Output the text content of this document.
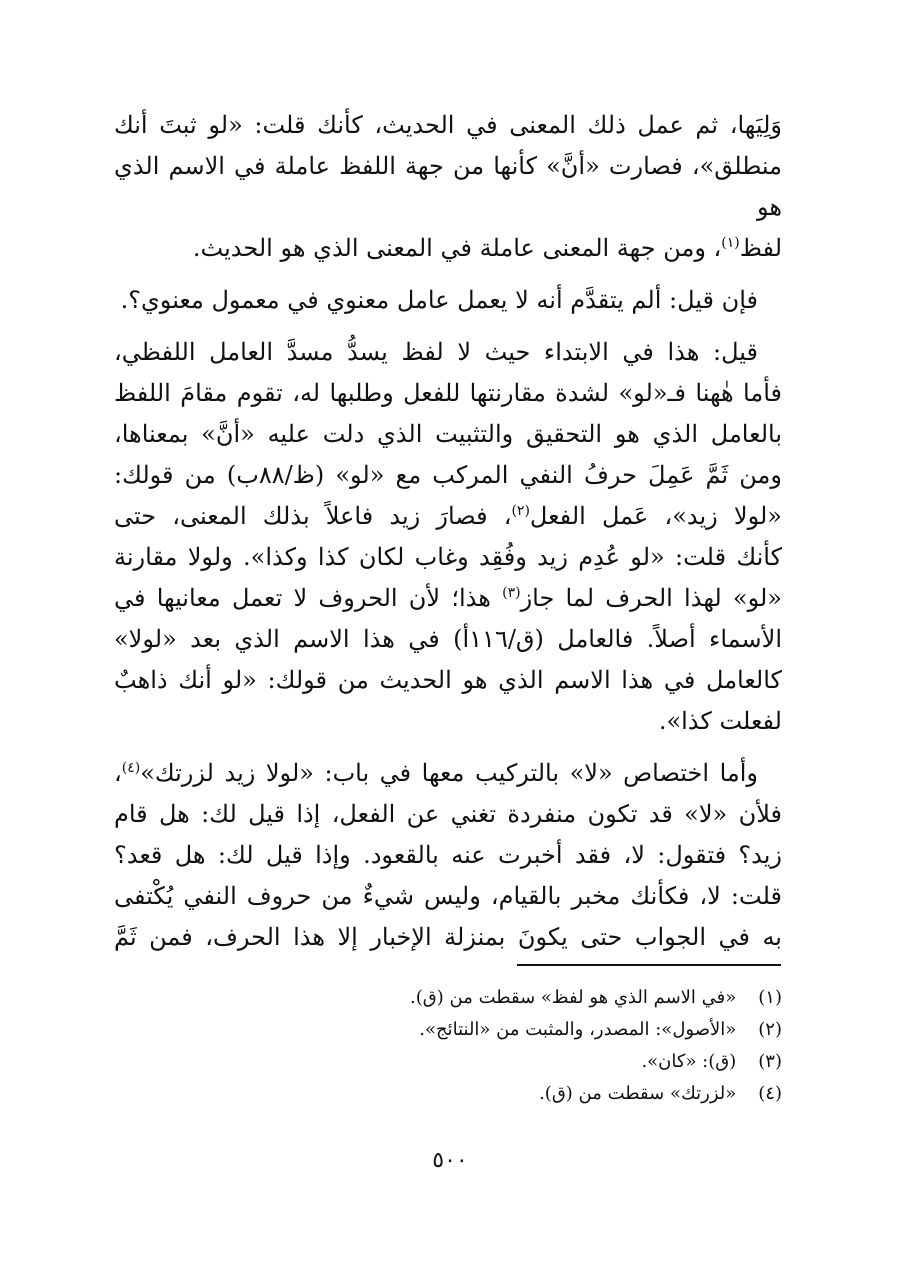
وَلِيَها، ثم عمل ذلك المعنى في الحديث، كأنك قلت: «لو ثبتَ أنك
منطلق»، فصارت «أنَّ» كأنها من جهة اللفظ عاملة في الاسم الذي هو
لفظ$^{(١)}$، ومن جهة المعنى عاملة في المعنى الذي هو الحديث.
فإن قيل: ألم يتقدَّم أنه لا يعمل عامل معنوي في معمول معنوي؟.
قيل: هذا في الابتداء حيث لا لفظ يسدُّ مسدَّ العامل اللفظي،
فأما هٰهنا فـ«لو» لشدة مقارنتها للفعل وطلبها له، تقوم مقامَ اللفظ
بالعامل الذي هو التحقيق والتثبيت الذي دلت عليه «أنَّ» بمعناها،
ومن ثَمَّ عَمِلَ حرفُ النفي المركب مع «لو» (ظ/٨٨ب) من قولك:
«لولا زيد»، عَمل الفعل$^{(٢)}$، فصارَ زيد فاعلاً بذلك المعنى، حتى
كأنك قلت: «لو عُدِم زيد وفُقِد وغاب لكان كذا وكذا». ولولا مقارنة
«لو» لهذا الحرف لما جاز$^{(٣)}$ هذا؛ لأن الحروف لا تعمل معانيها في
الأسماء أصلاً. فالعامل (ق/١١٦أ) في هذا الاسم الذي بعد «لولا»
كالعامل في هذا الاسم الذي هو الحديث من قولك: «لو أنك ذاهبٌ
لفعلت كذا».
وأما اختصاص «لا» بالتركيب معها في باب: «لولا زيد لزرتك»$^{(٤)}$،
فلأن «لا» قد تكون منفردة تغني عن الفعل، إذا قيل لك: هل قام
زيد؟ فتقول: لا، فقد أخبرت عنه بالقعود. وإذا قيل لك: هل قعد؟
قلت: لا، فكأنك مخبر بالقيام، وليس شيءٌ من حروف النفي يُكْتفى
به في الجواب حتى يكونَ بمنزلة الإخبار إلا هذا الحرف، فمن ثَمَّ
(١) «في الاسم الذي هو لفظ» سقطت من (ق).
(٢) «الأصول»: المصدر، والمثبت من «النتائج».
(٣) (ق): «كان».
(٤) «لزرتك» سقطت من (ق).
٥٠٠
